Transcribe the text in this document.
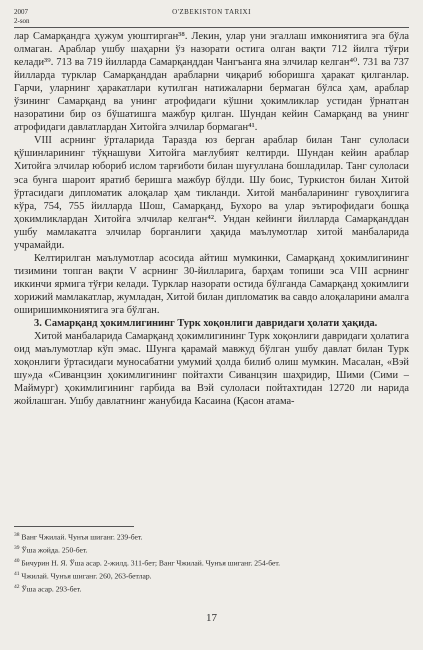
2007	O'ZBEKISTON TARIXI
2-son

лар Самарқандга ҳужум уюштирган³⁸. Лекин, улар уни эгаллаш имкониятига эга бўла олмаган. Араблар ушбу шаҳарни ўз назорати остига олган вақти 712 йилга тўғри келади³⁹. 713 ва 719 йилларда Самарқанддан Чангъанга яна элчилар келган⁴⁰. 731 ва 737 йилларда турклар Самарқанддан арабларни чиқариб юборишга ҳаракат қилганлар. Гарчи, уларнинг ҳаракатлари кутилган натижаларни бермаган бўлса ҳам, араблар ўзининг Самарқанд ва унинг атрофидаги кўшни ҳокимликлар устидан ўрнатган назоратини бир оз бўшатишга мажбур қилган. Шундан кейин Самарқанд ва унинг атрофидаги давлатлардан Хитойга элчилар бормаган⁴¹.

VIII асрнинг ўрталарида Таразда юз берган араблар билан Танг сулоласи қўшинларининг тўқнашуви Хитойга мағлубият келтирди. Шундан кейин араблар Хитойга элчилар юбориб ислом тарғиботи билан шуғуллана бошладилар. Танг сулоласи эса бунга шароит яратиб беришга мажбур бўлди. Шу боис, Туркистон билан Хитой ўртасидаги дипломатик алоқалар ҳам тикланди. Хитой манбаларининг гувоҳлигига кўра, 754, 755 йилларда Шош, Самарқанд, Бухоро ва улар эътирофидаги бошқа ҳокимликлардан Хитойга элчилар келган⁴². Ундан кейинги йилларда Самарқанддан ушбу мамлакатга элчилар борганлиги ҳақида маълумотлар хитой манбаларида учрамайди.

Келтирилган маълумотлар асосида айтиш мумкинки, Самарқанд ҳокимлигининг тизимини топган вақти V асрнинг 30-йилларига, барҳам топиши эса VIII асрнинг иккинчи ярмига тўғри келади. Турклар назорати остида бўлганда Самарқанд ҳокимлиги хорижий мамлакатлар, жумладан, Хитой билан дипломатик ва савдо алоқаларини амалга оширишимкониятига эга бўлган.

3. Самарқанд ҳокимлигининг Турк хоқонлиги давридаги ҳолати ҳақида.

Хитой манбаларида Самарқанд ҳокимлигининг Турк хоқонлиги давридаги ҳолатига оид маълумотлар кўп эмас. Шунга қарамай мавжуд бўлган ушбу давлат билан Турк хоқонлиги ўртасидаги муносабатни умумий ҳолда билиб олиш мумкин. Масалан, «Вэй шу»да «Сиванцзин ҳокимлигининг пойтахти Сиванцзин шаҳридир, Шими (Сими – Маймург) ҳокимлигининг гарбида ва Вэй сулоласи пойтахтидан 12720 ли нарида жойлашган. Ушбу давлатнинг жанубида Касаина (Қасон атама-

$^{38}$ Ванг Чжилай. Чунъя шиганг. 239-бет.

$^{39}$ Ўша жойда. 250-бет.

$^{40}$ Бичурин Н. Я. Ўша асар. 2-жилд. 311-бет; Ванг Чжилай. Чунъя шиганг. 254-бет.

$^{41}$ Чжилай. Чунъя шиганг. 260, 263-бетлар.

$^{42}$ Ўша асар. 293-бет.

17
